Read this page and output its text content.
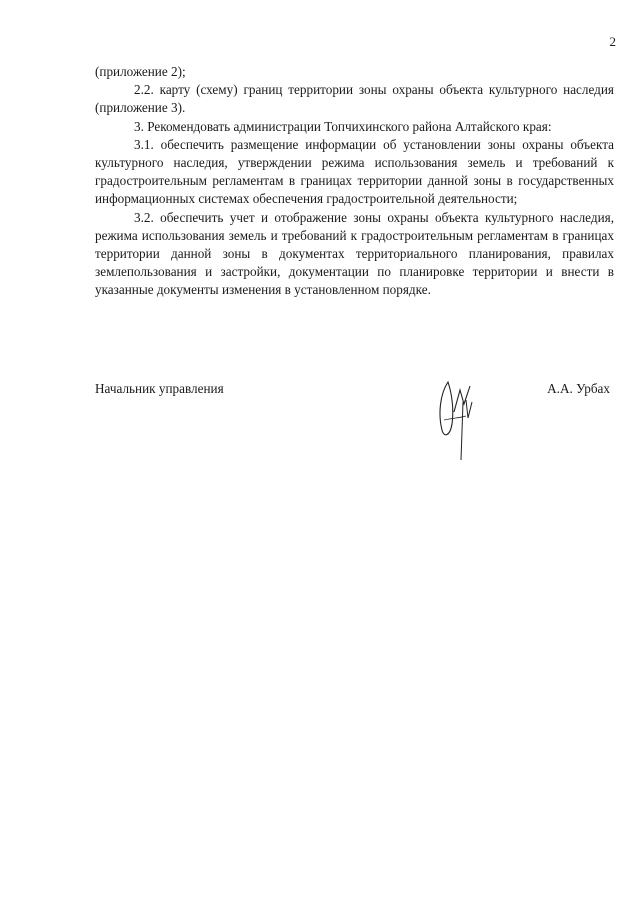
2

(приложение 2);

2.2. карту (схему) границ территории зоны охраны объекта культурного наследия (приложение 3).

3. Рекомендовать администрации Топчихинского района Алтайского края:

3.1. обеспечить размещение информации об установлении зоны охраны объекта культурного наследия, утверждении режима использования земель и требований к градостроительным регламентам в границах территории данной зоны в государственных информационных системах обеспечения градостроительной деятельности;

3.2. обеспечить учет и отображение зоны охраны объекта культурного наследия, режима использования земель и требований к градостроительным регламентам в границах территории данной зоны в документах территориального планирования, правилах землепользования и застройки, документации по планировке территории и внести в указанные документы изменения в установленном порядке.

Начальник управления	А.А. Урбах
